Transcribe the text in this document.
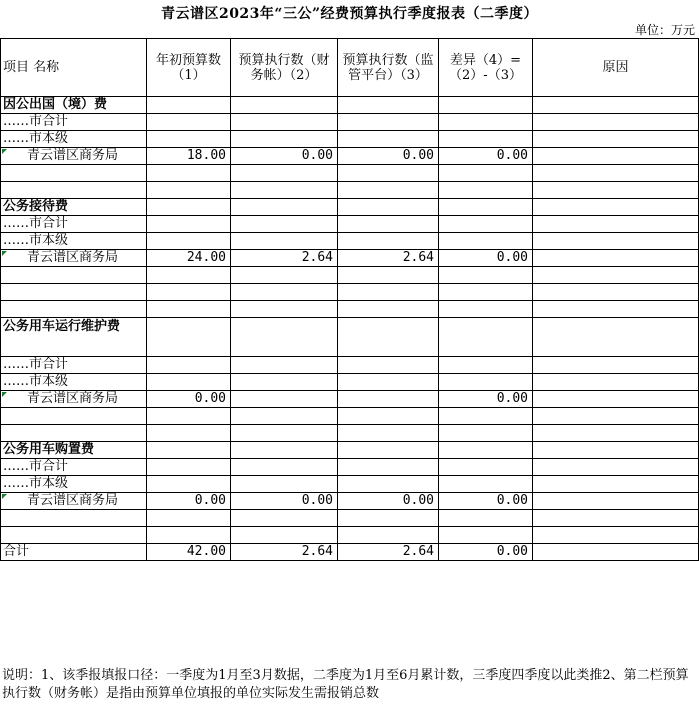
青云谱区2023年“三公”经费预算执行季度报表（二季度）
单位：万元
项目 名称	年初预算数（1）	预算执行数（财务帐）（2）	预算执行数（监管平台）（3）	差异（4）=（2）-（3）	原因
因公出国（境）费					
……市合计					
……市本级					

青云谱区商务局	18.00	0.00	0.00	0.00	

公务接待费					
……市合计					
……市本级					

青云谱区商务局	24.00	2.64	2.64	0.00	

公务用车运行维护费					
……市合计					
……市本级					

青云谱区商务局	0.00			0.00	

公务用车购置费					
……市合计					
……市本级					

青云谱区商务局	0.00	0.00	0.00	0.00	

合计	42.00	2.64	2.64	0.00	
说明：1、该季报填报口径：一季度为1月至3月数据，二季度为1月至6月累计数，三季度四季度以此类推2、第二栏预算执行数（财务帐）是指由预算单位填报的单位实际发生需报销总数
